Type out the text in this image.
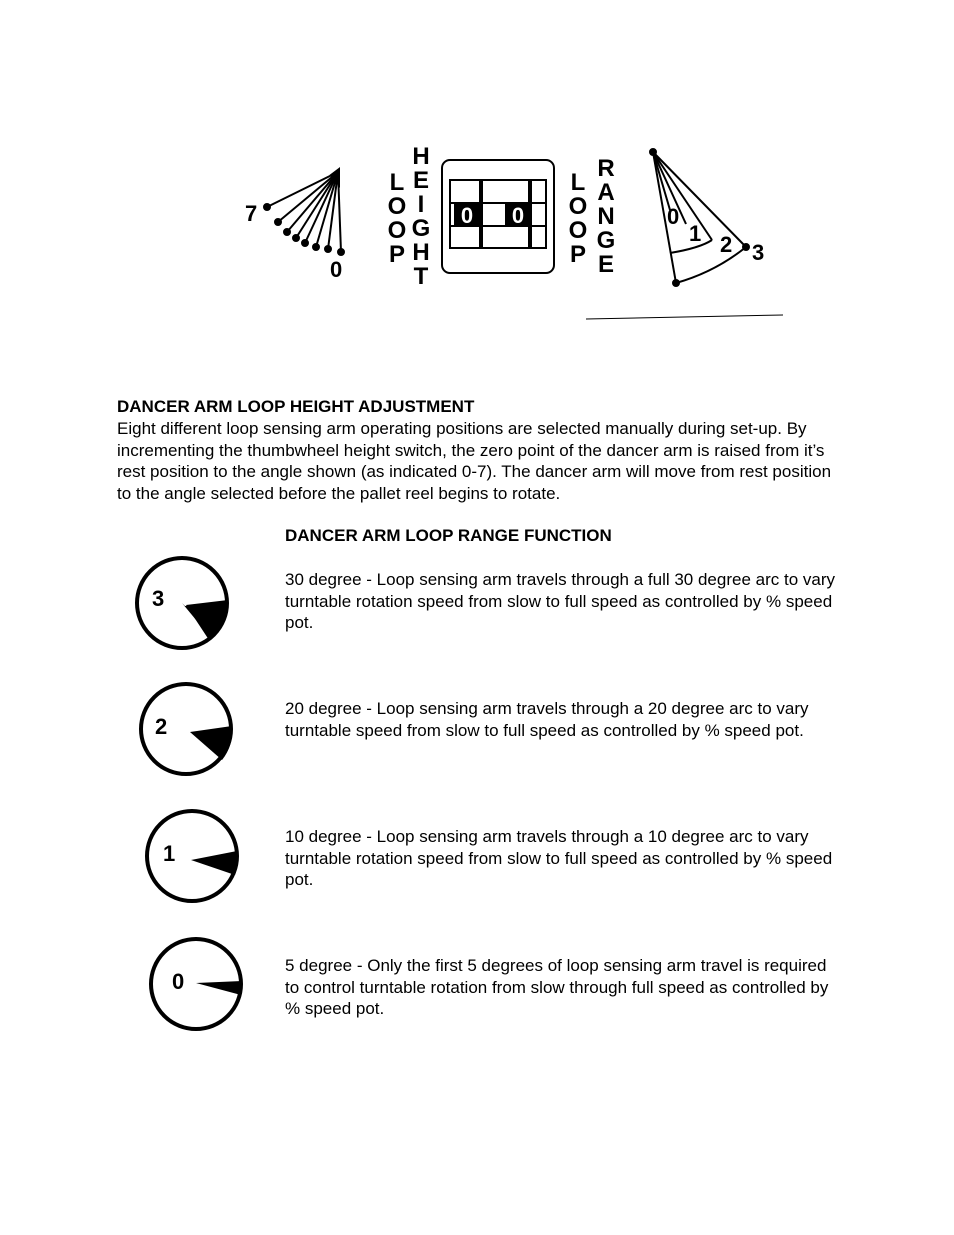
7
0
L
O
O
P
H
E
I
G
H
T
0 0
L
O
O
P
R
A
N
G
E
0
1 2 3
DANCER ARM LOOP HEIGHT ADJUSTMENT
Eight different loop sensing arm operating positions are selected manually during set-up. By incrementing the thumbwheel height switch, the zero point of the dancer arm is raised from it’s rest position to the angle shown (as indicated 0-7). The dancer arm will move from rest position to the angle selected before the pallet reel begins to rotate.
DANCER ARM LOOP RANGE FUNCTION
3
30 degree - Loop sensing arm travels through a full 30 degree arc to vary turntable rotation speed from slow to full speed as controlled by % speed pot.
2
20 degree - Loop sensing arm travels through a 20 degree arc to vary turntable speed from slow to full speed as controlled by % speed pot.
1
10 degree - Loop sensing arm travels through a 10 degree arc to vary turntable rotation speed from slow to full speed as controlled by % speed pot.
0
5 degree - Only the first 5 degrees of loop sensing arm travel is required to control turntable rotation from slow through full speed as controlled by % speed pot.
